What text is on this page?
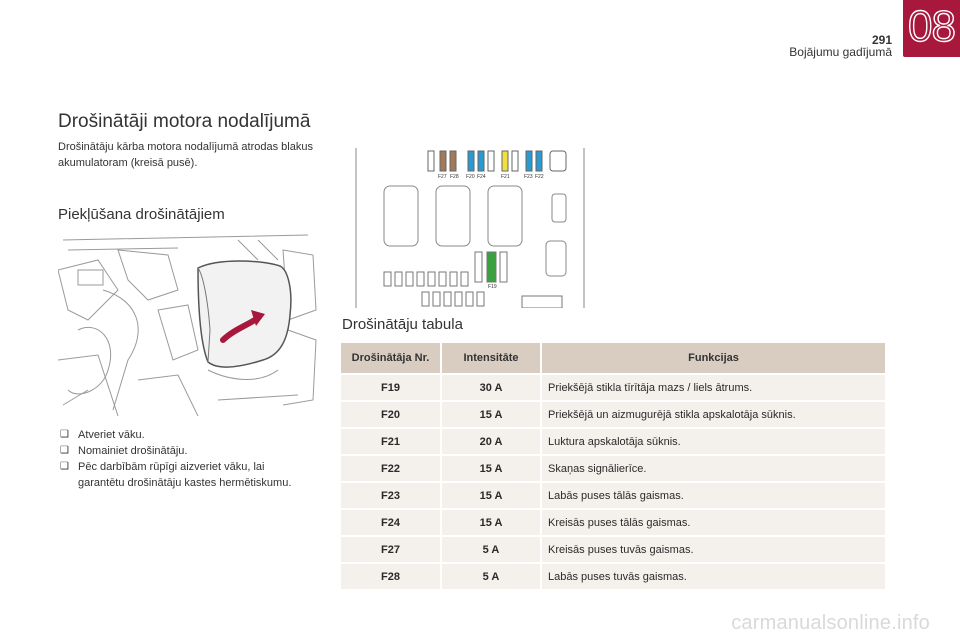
291
Bojājumu gadījumā
08
Drošinātāji motora nodalījumā
Drošinātāju kārba motora nodalījumā atrodas blakus akumulatoram (kreisā pusē).
Piekļūšana drošinātājiem
❑ Atveriet vāku.
❑ Nomainiet drošinātāju.
❑ Pēc darbībām rūpīgi aizveriet vāku, lai garantētu drošinātāju kastes hermētiskumu.
F27 F28 F20 F24	F21	F23 F22
F19
Drošinātāju tabula
Drošinātāja Nr.	Intensitāte	Funkcijas
F19	30 A	Priekšējā stikla tīrītāja mazs / liels ātrums.
F20	15 A	Priekšējā un aizmugurējā stikla apskalotāja sūknis.
F21	20 A	Luktura apskalotāja sūknis.
F22	15 A	Skaņas signālierīce.
F23	15 A	Labās puses tālās gaismas.
F24	15 A	Kreisās puses tālās gaismas.
F27	5 A	Kreisās puses tuvās gaismas.
F28	5 A	Labās puses tuvās gaismas.
carmanualsonline.info
